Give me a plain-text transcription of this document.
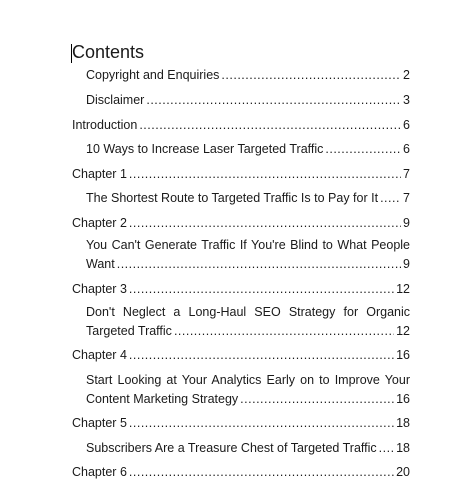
Contents
Copyright and Enquiries .....	2
Disclaimer .....	3
Introduction .....	6
10 Ways to Increase Laser Targeted Traffic .....	6
Chapter 1 .....	7
The Shortest Route to Targeted Traffic Is to Pay for It ..... 7
Chapter 2 .....	9
You Can't Generate Traffic If You're Blind to What People
Want .....	9
Chapter 3 .....	12
Don't Neglect a Long-Haul SEO Strategy for Organic
Targeted Traffic .....	12
Chapter 4 .....	16
Start Looking at Your Analytics Early on to Improve Your
Content Marketing Strategy .....	16
Chapter 5 .....	18
Subscribers Are a Treasure Chest of Targeted Traffic ..... 18
Chapter 6 .....	20
